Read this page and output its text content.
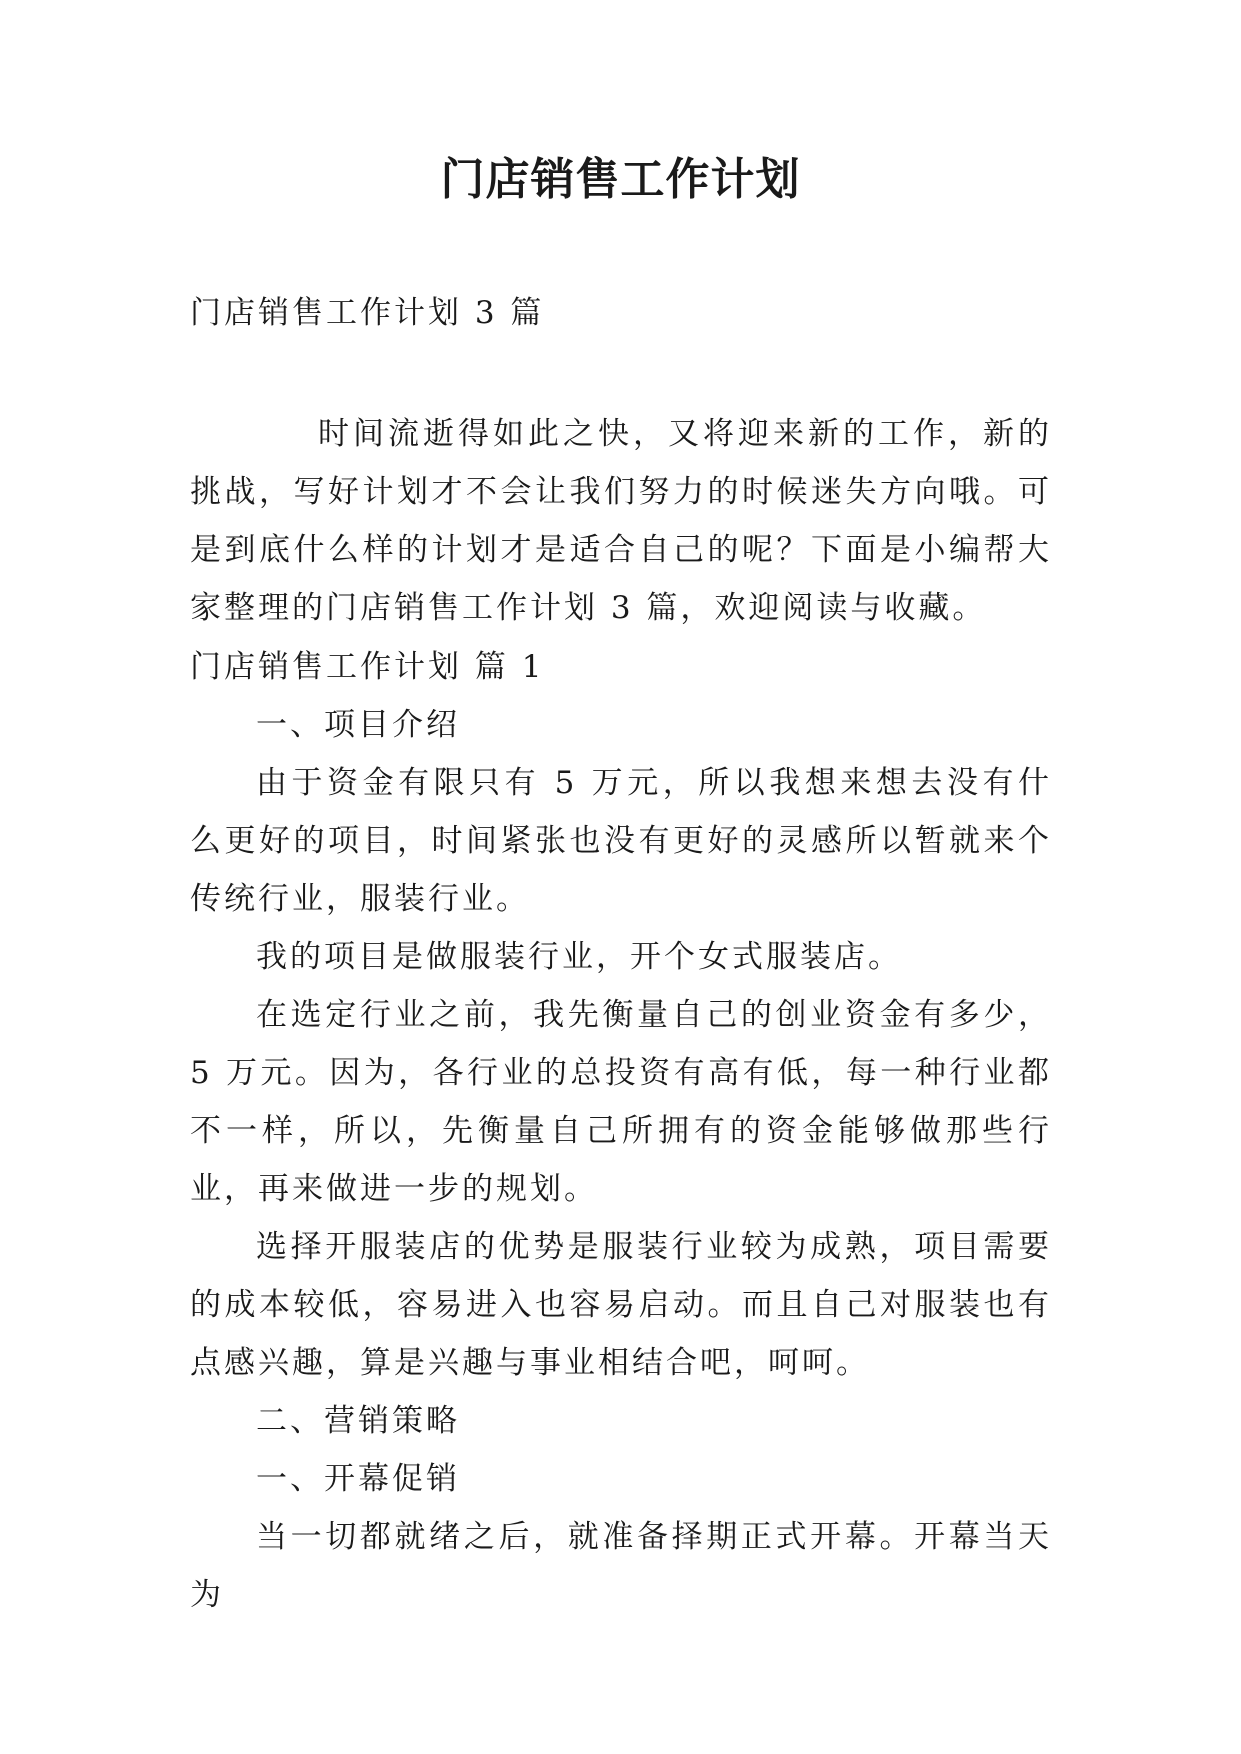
门店销售工作计划
门店销售工作计划 3 篇
时间流逝得如此之快，又将迎来新的工作，新的挑战，写好计划才不会让我们努力的时候迷失方向哦。可是到底什么样的计划才是适合自己的呢？下面是小编帮大家整理的门店销售工作计划 3 篇，欢迎阅读与收藏。

门店销售工作计划 篇 1

一、项目介绍

由于资金有限只有 5 万元，所以我想来想去没有什么更好的项目，时间紧张也没有更好的灵感所以暂就来个传统行业，服装行业。

我的项目是做服装行业，开个女式服装店。

在选定行业之前，我先衡量自己的创业资金有多少，5 万元。因为，各行业的总投资有高有低，每一种行业都不一样，所以，先衡量自己所拥有的资金能够做那些行业，再来做进一步的规划。

选择开服装店的优势是服装行业较为成熟，项目需要的成本较低，容易进入也容易启动。而且自己对服装也有点感兴趣，算是兴趣与事业相结合吧，呵呵。

二、营销策略

一、开幕促销

当一切都就绪之后，就准备择期正式开幕。开幕当天为
